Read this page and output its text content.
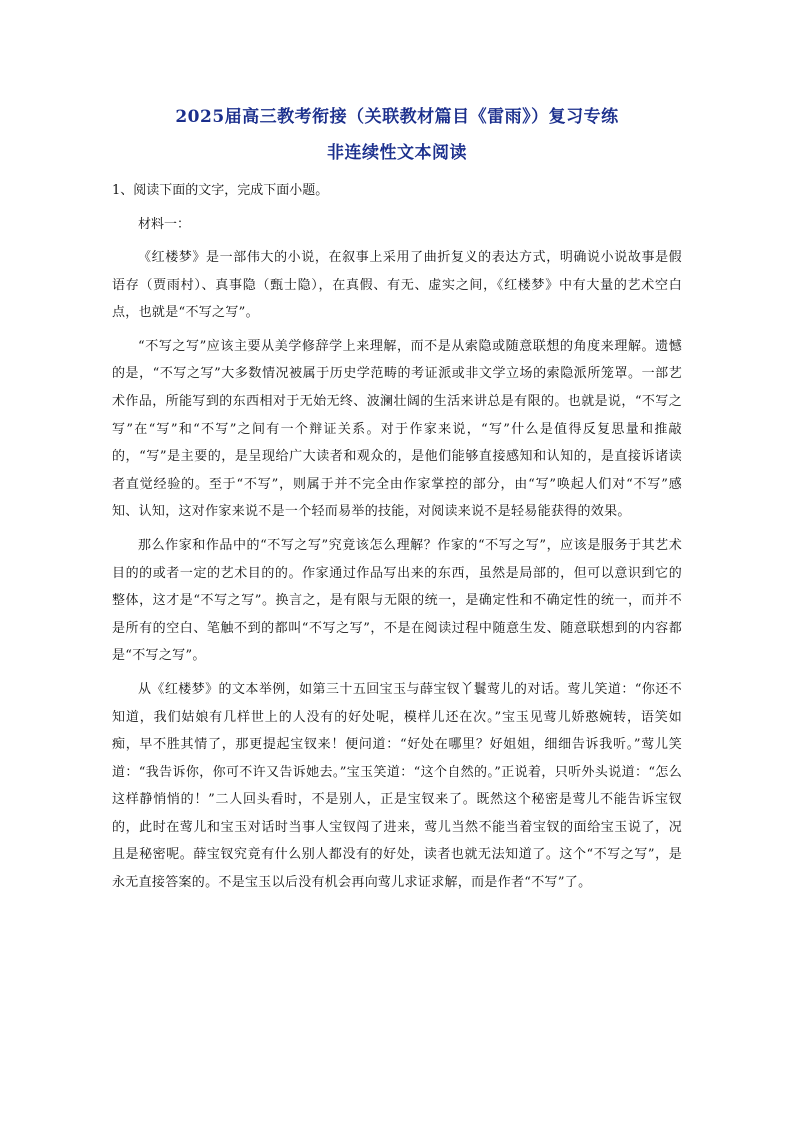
2025届高三教考衔接（关联教材篇目《雷雨》）复习专练
非连续性文本阅读
1、阅读下面的文字，完成下面小题。
材料一：

《红楼梦》是一部伟大的小说，在叙事上采用了曲折复义的表达方式，明确说小说故事是假语存（贾雨村）、真事隐（甄士隐），在真假、有无、虚实之间，《红楼梦》中有大量的艺术空白点，也就是“不写之写”。

“不写之写”应该主要从美学修辞学上来理解，而不是从索隐或随意联想的角度来理解。遗憾的是，“不写之写”大多数情况被属于历史学范畴的考证派或非文学立场的索隐派所笼罩。一部艺术作品，所能写到的东西相对于无始无终、波澜壮阔的生活来讲总是有限的。也就是说，“不写之写”在“写”和“不写”之间有一个辩证关系。对于作家来说，“写”什么是值得反复思量和推敲的，“写”是主要的，是呈现给广大读者和观众的，是他们能够直接感知和认知的，是直接诉诸读者直觉经验的。至于“不写”，则属于并不完全由作家掌控的部分，由“写”唤起人们对“不写”感知、认知，这对作家来说不是一个轻而易举的技能，对阅读来说不是轻易能获得的效果。

那么作家和作品中的“不写之写”究竟该怎么理解？作家的“不写之写”，应该是服务于其艺术目的的或者一定的艺术目的的。作家通过作品写出来的东西，虽然是局部的，但可以意识到它的整体，这才是“不写之写”。换言之，是有限与无限的统一，是确定性和不确定性的统一，而并不是所有的空白、笔触不到的都叫“不写之写”，不是在阅读过程中随意生发、随意联想到的内容都是“不写之写”。

从《红楼梦》的文本举例，如第三十五回宝玉与薛宝钗丫鬟莺儿的对话。莺儿笑道：“你还不知道，我们姑娘有几样世上的人没有的好处呢，模样儿还在次。”宝玉见莺儿娇憨婉转，语笑如痴，早不胜其情了，那更提起宝钗来！便问道：“好处在哪里？好姐姐，细细告诉我听。”莺儿笑道：“我告诉你，你可不许又告诉她去。”宝玉笑道：“这个自然的。”正说着，只听外头说道：“怎么这样静悄悄的！”二人回头看时，不是别人，正是宝钗来了。既然这个秘密是莺儿不能告诉宝钗的，此时在莺儿和宝玉对话时当事人宝钗闯了进来，莺儿当然不能当着宝钗的面给宝玉说了，况且是秘密呢。薛宝钗究竟有什么别人都没有的好处，读者也就无法知道了。这个“不写之写”，是永无直接答案的。不是宝玉以后没有机会再向莺儿求证求解，而是作者“不写”了。
